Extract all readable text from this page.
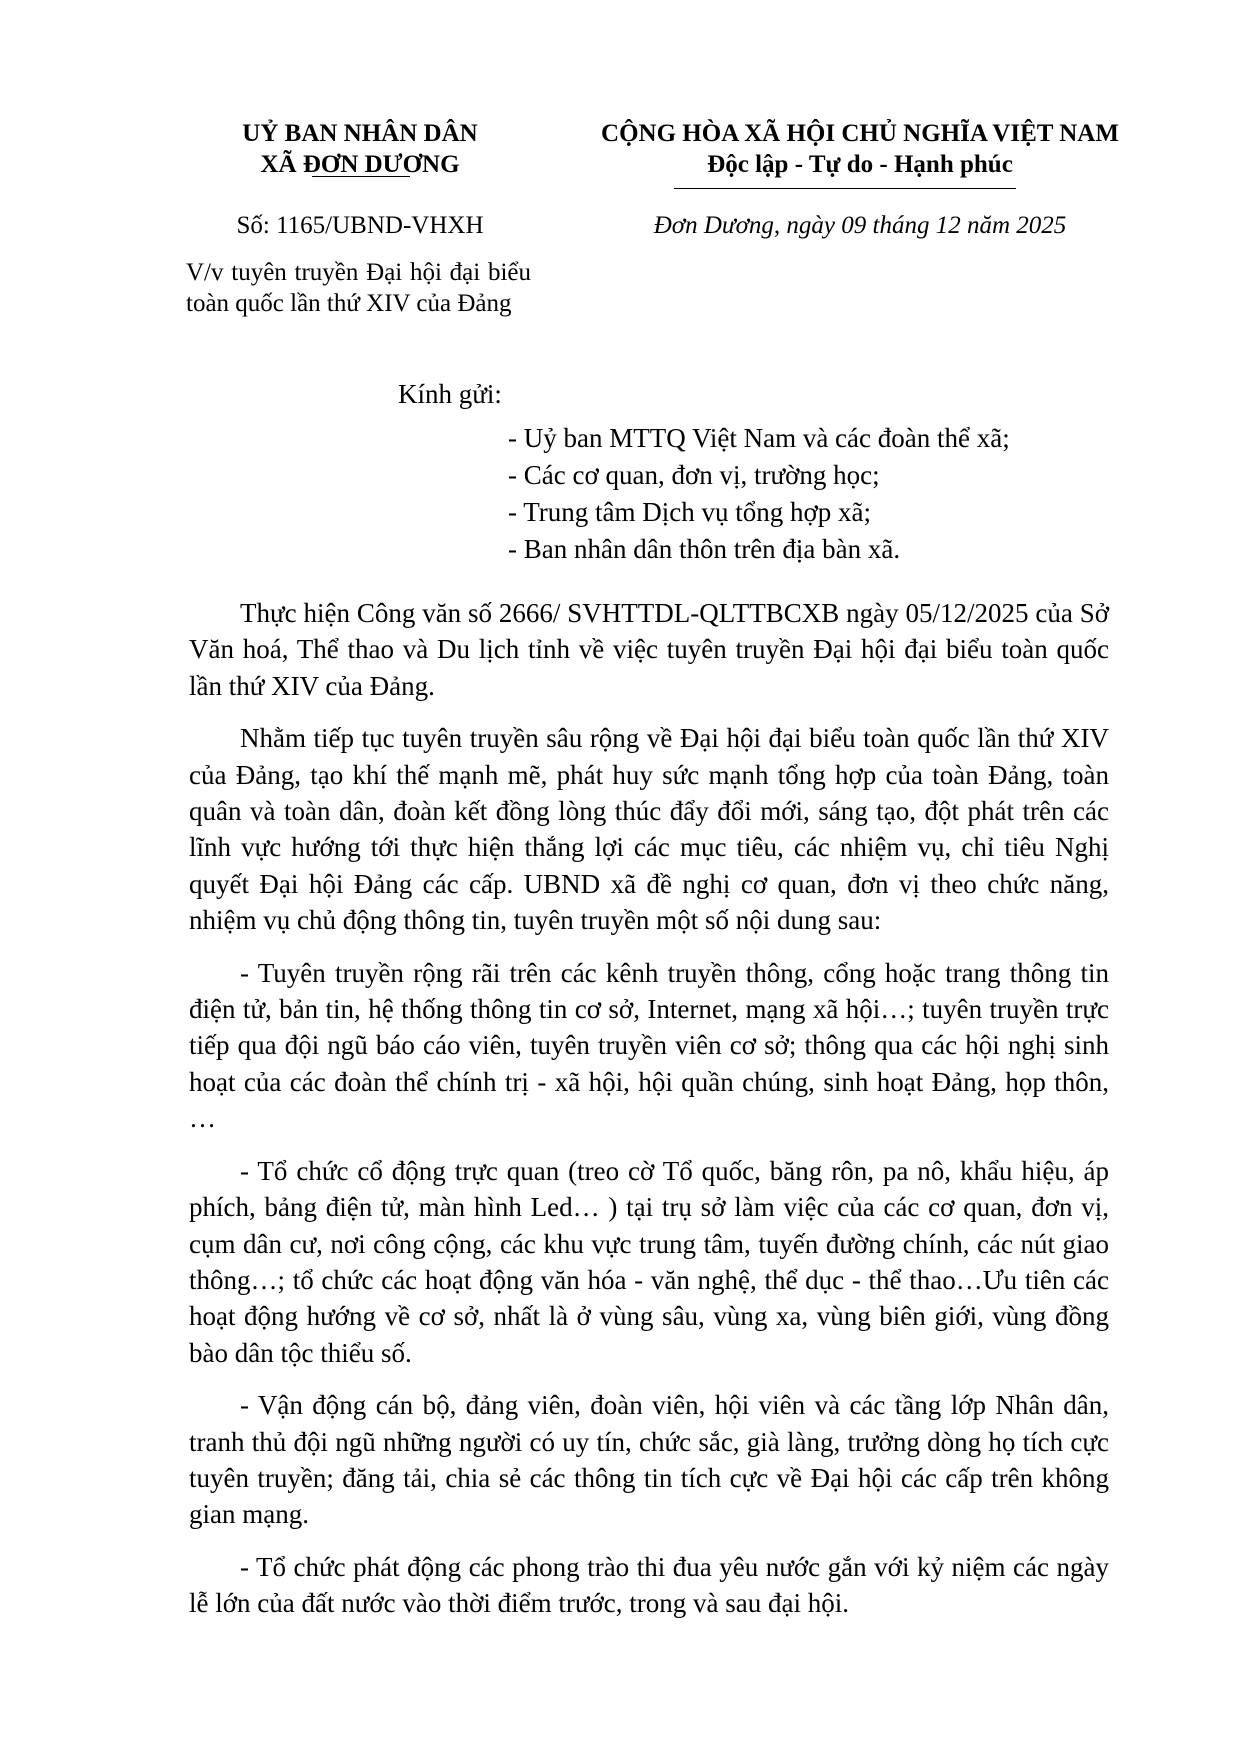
UỶ BAN NHÂN DÂN
XÃ ĐƠN DƯƠNG
CỘNG HÒA XÃ HỘI CHỦ NGHĨA VIỆT NAM
Độc lập - Tự do - Hạnh phúc
Số: 1165/UBND-VHXH	Đơn Dương, ngày 09 tháng 12 năm 2025
V/v tuyên truyền Đại hội đại biểu toàn quốc lần thứ XIV của Đảng
Kính gửi:
- Uỷ ban MTTQ Việt Nam và các đoàn thể xã;
- Các cơ quan, đơn vị, trường học;
- Trung tâm Dịch vụ tổng hợp xã;
- Ban nhân dân thôn trên địa bàn xã.

Thực hiện Công văn số 2666/ SVHTTDL-QLTTBCXB ngày 05/12/2025 của Sở Văn hoá, Thể thao và Du lịch tỉnh về việc tuyên truyền Đại hội đại biểu toàn quốc lần thứ XIV của Đảng.

Nhằm tiếp tục tuyên truyền sâu rộng về Đại hội đại biểu toàn quốc lần thứ XIV của Đảng, tạo khí thế mạnh mẽ, phát huy sức mạnh tổng hợp của toàn Đảng, toàn quân và toàn dân, đoàn kết đồng lòng thúc đẩy đổi mới, sáng tạo, đột phát trên các lĩnh vực hướng tới thực hiện thắng lợi các mục tiêu, các nhiệm vụ, chỉ tiêu Nghị quyết Đại hội Đảng các cấp. UBND xã đề nghị cơ quan, đơn vị theo chức năng, nhiệm vụ chủ động thông tin, tuyên truyền một số nội dung sau:

- Tuyên truyền rộng rãi trên các kênh truyền thông, cổng hoặc trang thông tin điện tử, bản tin, hệ thống thông tin cơ sở, Internet, mạng xã hội…; tuyên truyền trực tiếp qua đội ngũ báo cáo viên, tuyên truyền viên cơ sở; thông qua các hội nghị sinh hoạt của các đoàn thể chính trị - xã hội, hội quần chúng, sinh hoạt Đảng, họp thôn, …

- Tổ chức cổ động trực quan (treo cờ Tổ quốc, băng rôn, pa nô, khẩu hiệu, áp phích, bảng điện tử, màn hình Led… ) tại trụ sở làm việc của các cơ quan, đơn vị, cụm dân cư, nơi công cộng, các khu vực trung tâm, tuyến đường chính, các nút giao thông…; tổ chức các hoạt động văn hóa - văn nghệ, thể dục - thể thao…Ưu tiên các hoạt động hướng về cơ sở, nhất là ở vùng sâu, vùng xa, vùng biên giới, vùng đồng bào dân tộc thiểu số.

- Vận động cán bộ, đảng viên, đoàn viên, hội viên và các tầng lớp Nhân dân, tranh thủ đội ngũ những người có uy tín, chức sắc, già làng, trưởng dòng họ tích cực tuyên truyền; đăng tải, chia sẻ các thông tin tích cực về Đại hội các cấp trên không gian mạng.

- Tổ chức phát động các phong trào thi đua yêu nước gắn với kỷ niệm các ngày lễ lớn của đất nước vào thời điểm trước, trong và sau đại hội.
